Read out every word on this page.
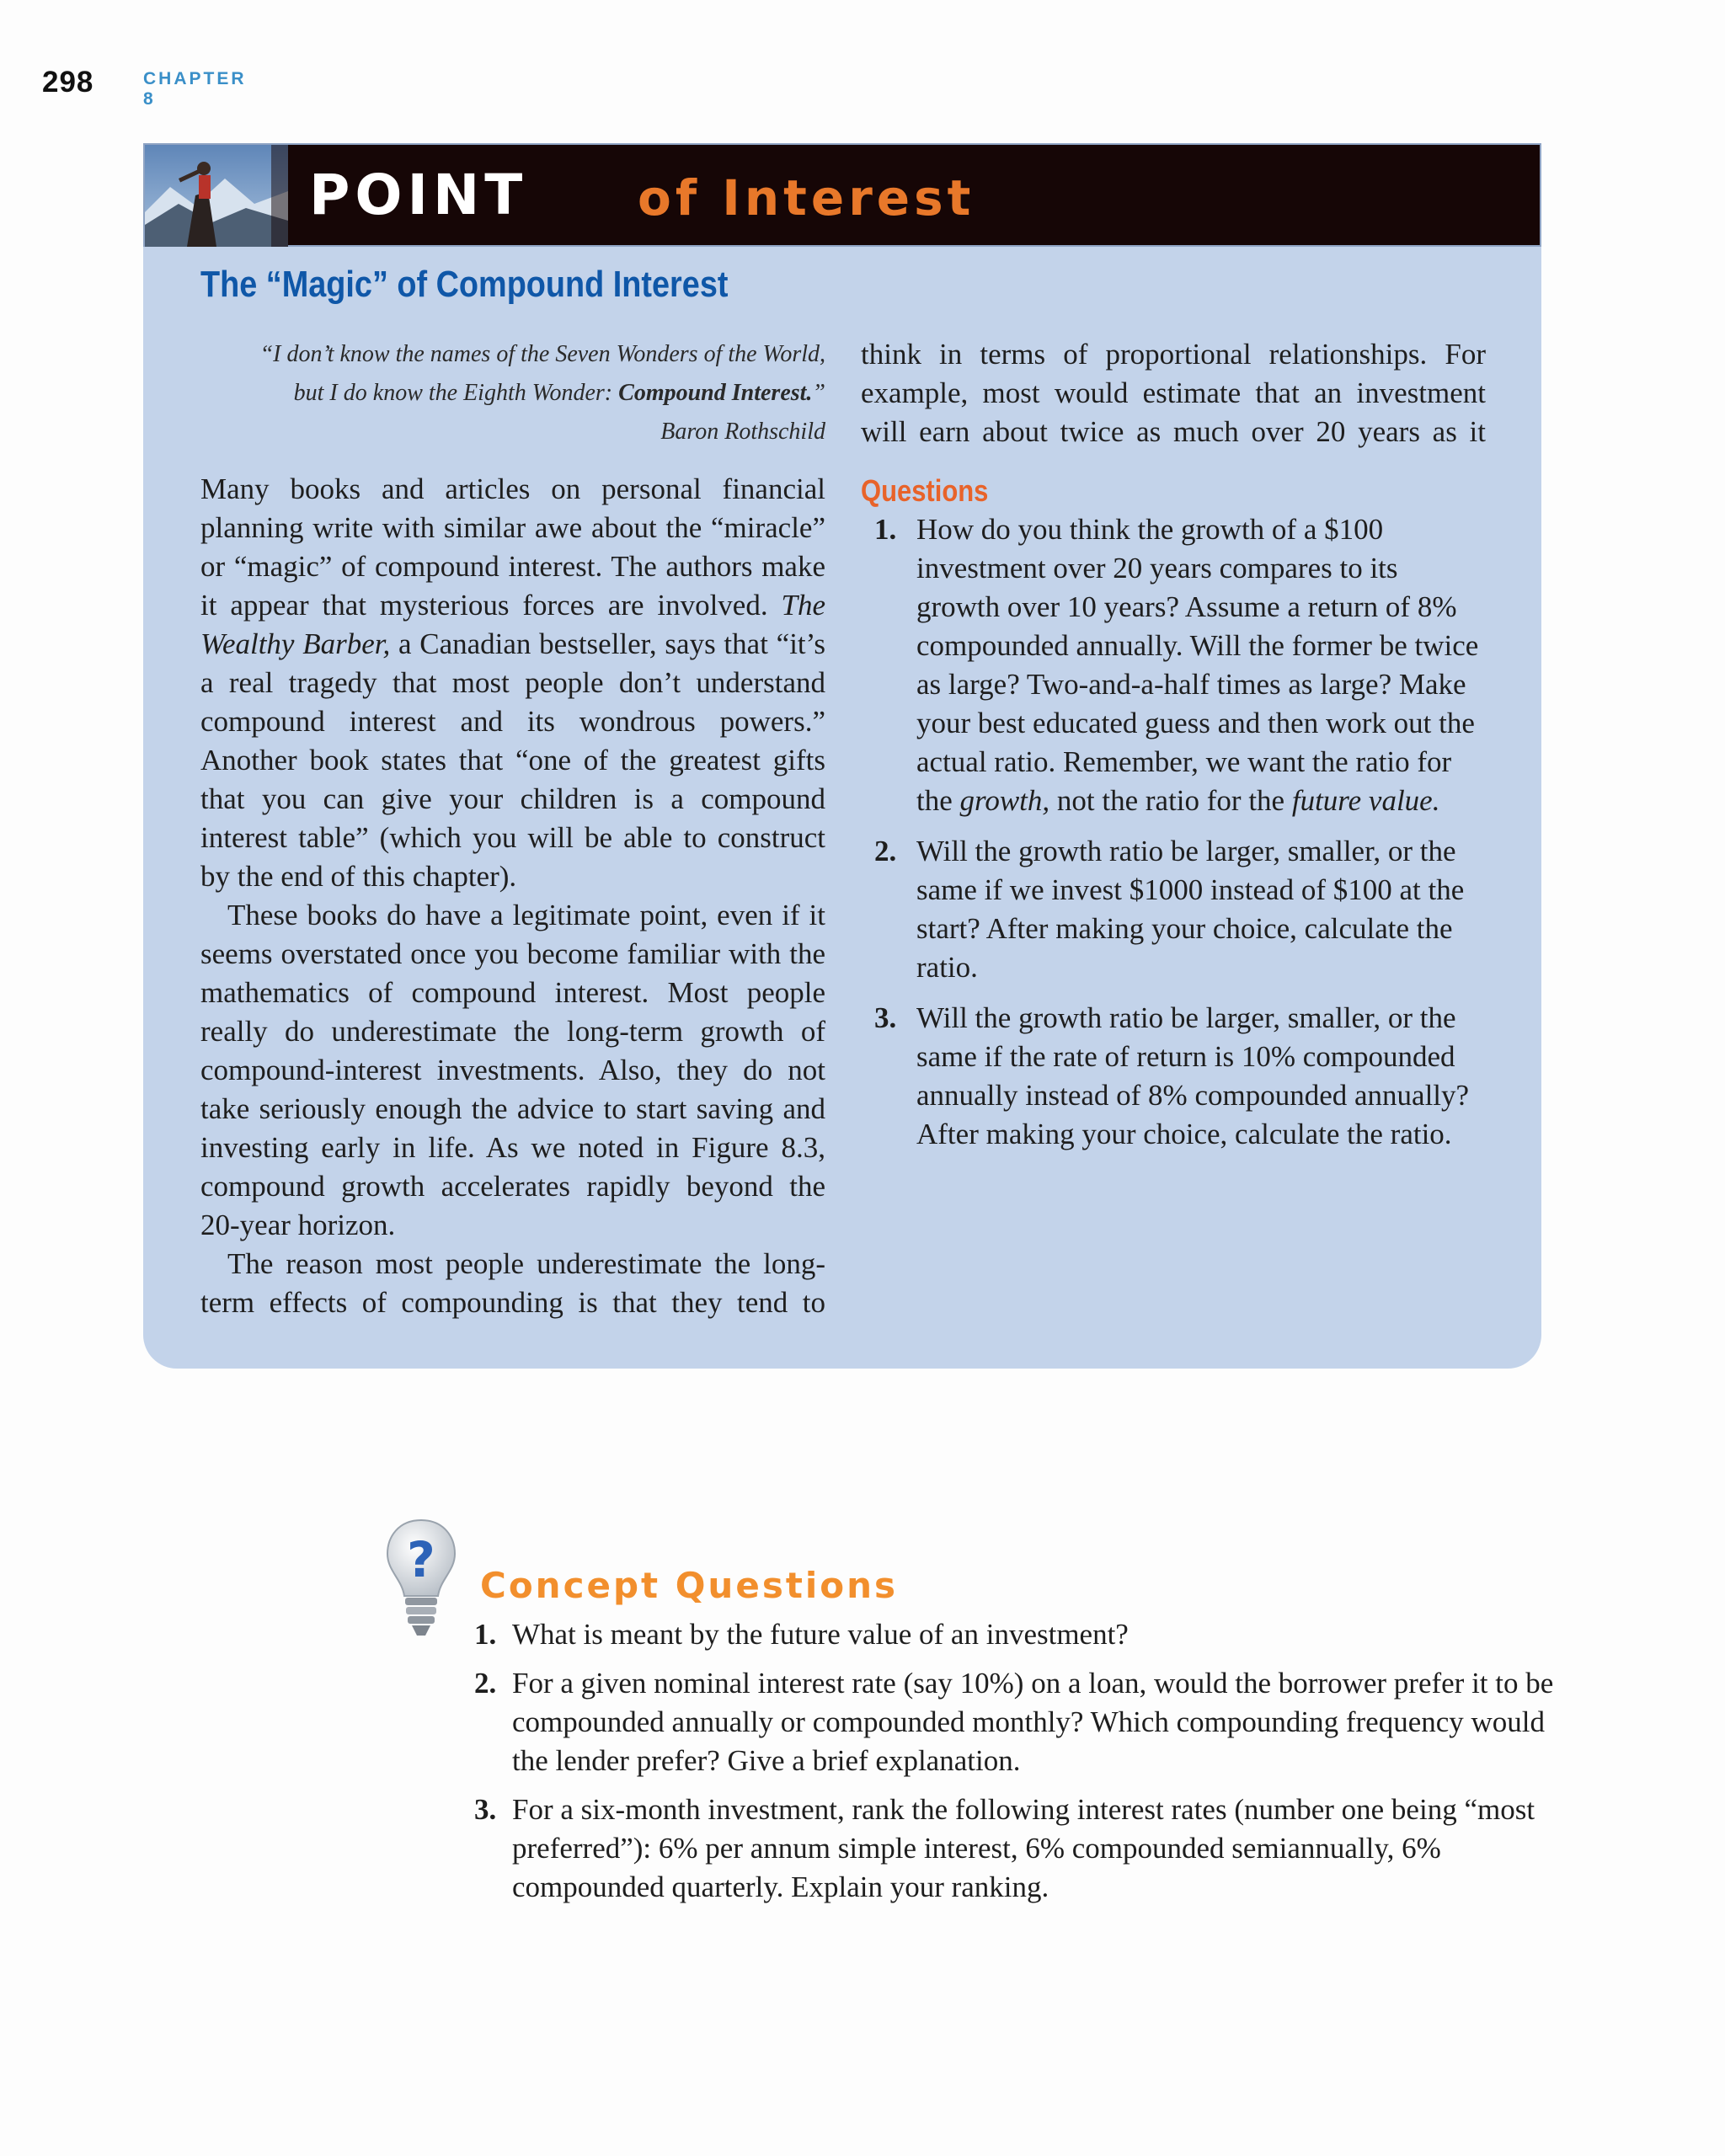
298	CHAPTER 8
POINT of Interest
The “Magic” of Compound Interest
“I don’t know the names of the Seven Wonders of the World,
but I do know the Eighth Wonder: Compound Interest.”
Baron Rothschild

Many books and articles on personal financial planning write with similar awe about the “miracle” or “magic” of compound interest. The authors make it appear that mysterious forces are involved. The Wealthy Barber, a Canadian bestseller, says that “it’s a real tragedy that most people don’t understand compound interest and its wondrous powers.” Another book states that “one of the greatest gifts that you can give your children is a compound interest table” (which you will be able to construct by the end of this chapter).

These books do have a legitimate point, even if it seems overstated once you become familiar with the mathematics of compound interest. Most people really do underestimate the long-term growth of compound-interest investments. Also, they do not take seriously enough the advice to start saving and investing early in life. As we noted in Figure 8.3, compound growth accelerates rapidly beyond the 20-year horizon.

The reason most people underestimate the long-term effects of compounding is that they tend to

think in terms of proportional relationships. For example, most would estimate that an investment will earn about twice as much over 20 years as it

Questions
1. How do you think the growth of a $100 investment over 20 years compares to its growth over 10 years? Assume a return of 8% compounded annually. Will the former be twice as large? Two-and-a-half times as large? Make your best educated guess and then work out the actual ratio. Remember, we want the ratio for the growth, not the ratio for the future value.
2. Will the growth ratio be larger, smaller, or the same if we invest $1000 instead of $100 at the start? After making your choice, calculate the ratio.
3. Will the growth ratio be larger, smaller, or the same if the rate of return is 10% compounded annually instead of 8% compounded annually? After making your choice, calculate the ratio.
? Concept Questions
1. What is meant by the future value of an investment?
2. For a given nominal interest rate (say 10%) on a loan, would the borrower prefer it to be compounded annually or compounded monthly? Which compounding frequency would the lender prefer? Give a brief explanation.
3. For a six-month investment, rank the following interest rates (number one being “most preferred”): 6% per annum simple interest, 6% compounded semiannually, 6% compounded quarterly. Explain your ranking.
